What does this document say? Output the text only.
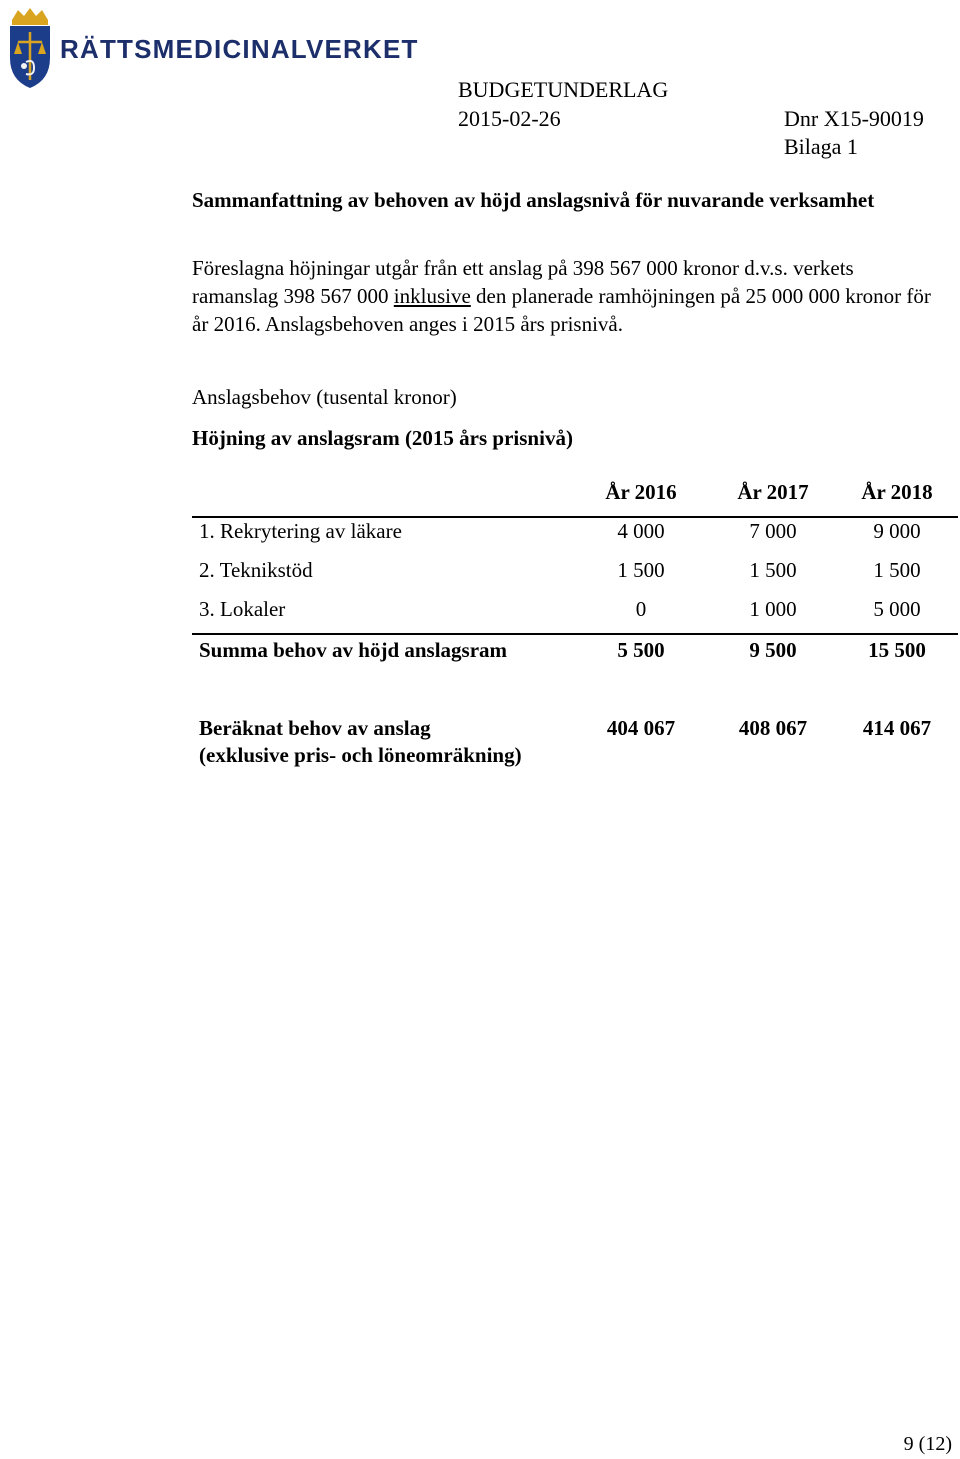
RÄTTSMEDICINALVERKET
BUDGETUNDERLAG
2015-02-26	Dnr X15-90019
Bilaga 1
Sammanfattning av behoven av höjd anslagsnivå för nuvarande verksamhet
Föreslagna höjningar utgår från ett anslag på 398 567 000 kronor d.v.s. verkets ramanslag 398 567 000 inklusive den planerade ramhöjningen på 25 000 000 kronor för år 2016. Anslagsbehoven anges i 2015 års prisnivå.
Anslagsbehov (tusental kronor)
Höjning av anslagsram (2015 års prisnivå)
År 2016	År 2017	År 2018
1. Rekrytering av läkare	4 000	7 000	9 000
2. Teknikstöd	1 500	1 500	1 500
3. Lokaler	0	1 000	5 000
Summa behov av höjd anslagsram	5 500	9 500	15 500
Beräknat behov av anslag
(exklusive pris- och löneomräkning)
404 067	408 067	414 067
9 (12)
